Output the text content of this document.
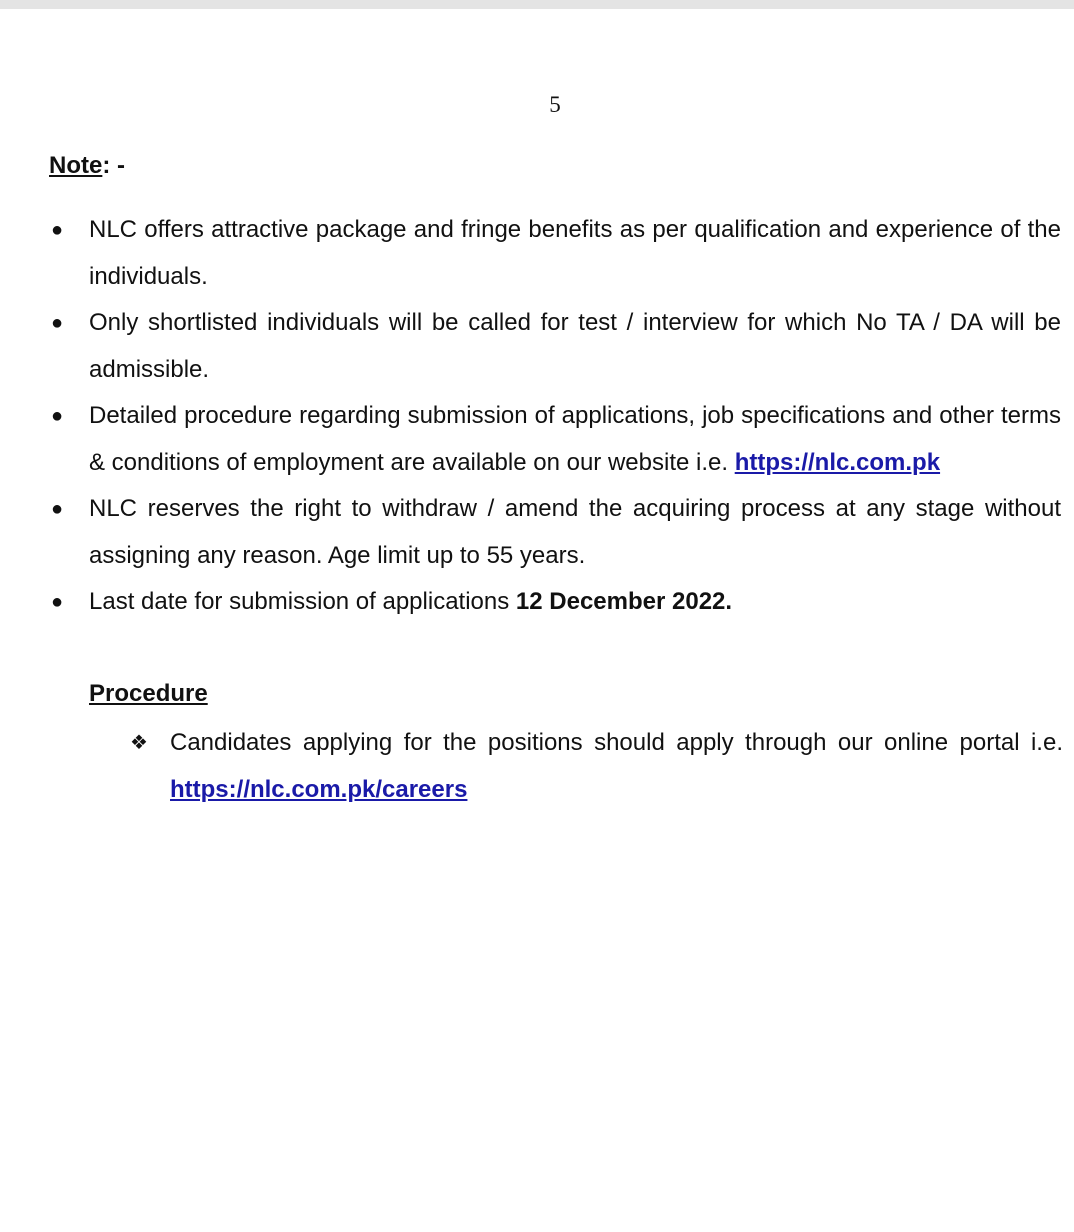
5
Note: -
● NLC offers attractive package and fringe benefits as per qualification and experience of the individuals.
● Only shortlisted individuals will be called for test / interview for which No TA / DA will be admissible.
● Detailed procedure regarding submission of applications, job specifications and other terms & conditions of employment are available on our website i.e. https://nlc.com.pk
● NLC reserves the right to withdraw / amend the acquiring process at any stage without assigning any reason. Age limit up to 55 years.
● Last date for submission of applications 12 December 2022.
Procedure
❖ Candidates applying for the positions should apply through our online portal i.e. https://nlc.com.pk/careers
